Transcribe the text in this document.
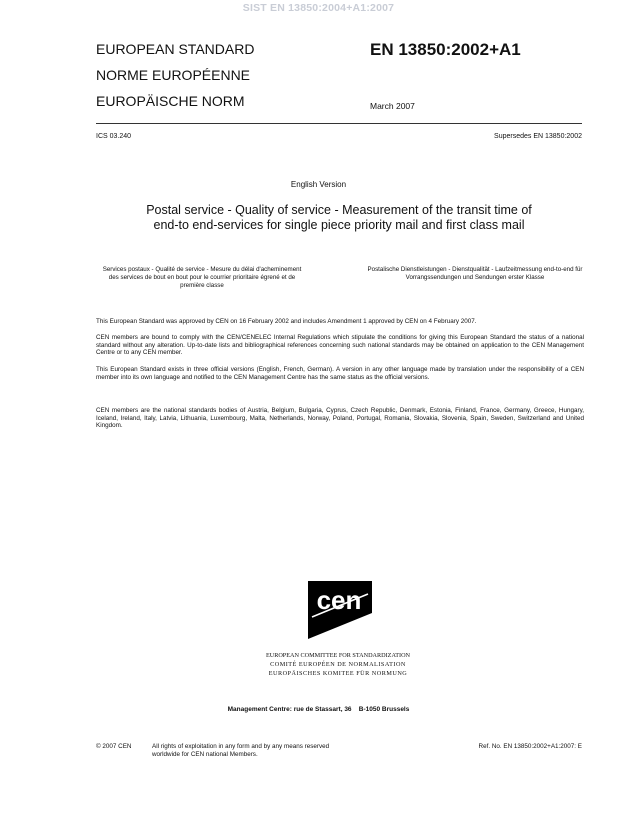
SIST EN 13850:2004+A1:2007
EUROPEAN STANDARD
NORME EUROPÉENNE
EUROPÄISCHE NORM
EN 13850:2002+A1
March 2007
ICS 03.240	Supersedes EN 13850:2002
English Version
Postal service - Quality of service - Measurement of the transit time of end-to end-services for single piece priority mail and first class mail
Services postaux - Qualité de service - Mesure du délai d'acheminement des services de bout en bout pour le courrier prioritaire égrené et de première classe
Postalische Dienstleistungen - Dienstqualität - Laufzeitmessung end-to-end für Vorrangssendungen und Sendungen erster Klasse
This European Standard was approved by CEN on 16 February 2002 and includes Amendment 1 approved by CEN on 4 February 2007.
CEN members are bound to comply with the CEN/CENELEC Internal Regulations which stipulate the conditions for giving this European Standard the status of a national standard without any alteration. Up-to-date lists and bibliographical references concerning such national standards may be obtained on application to the CEN Management Centre or to any CEN member.
This European Standard exists in three official versions (English, French, German). A version in any other language made by translation under the responsibility of a CEN member into its own language and notified to the CEN Management Centre has the same status as the official versions.
CEN members are the national standards bodies of Austria, Belgium, Bulgaria, Cyprus, Czech Republic, Denmark, Estonia, Finland, France, Germany, Greece, Hungary, Iceland, Ireland, Italy, Latvia, Lithuania, Luxembourg, Malta, Netherlands, Norway, Poland, Portugal, Romania, Slovakia, Slovenia, Spain, Sweden, Switzerland and United Kingdom.
cen
EUROPEAN COMMITTEE FOR STANDARDIZATION
COMITÉ EUROPÉEN DE NORMALISATION
EUROPÄISCHES KOMITEE FÜR NORMUNG
Management Centre: rue de Stassart, 36    B-1050 Brussels
© 2007 CEN	All rights of exploitation in any form and by any means reserved
worldwide for CEN national Members.
Ref. No. EN 13850:2002+A1:2007: E
